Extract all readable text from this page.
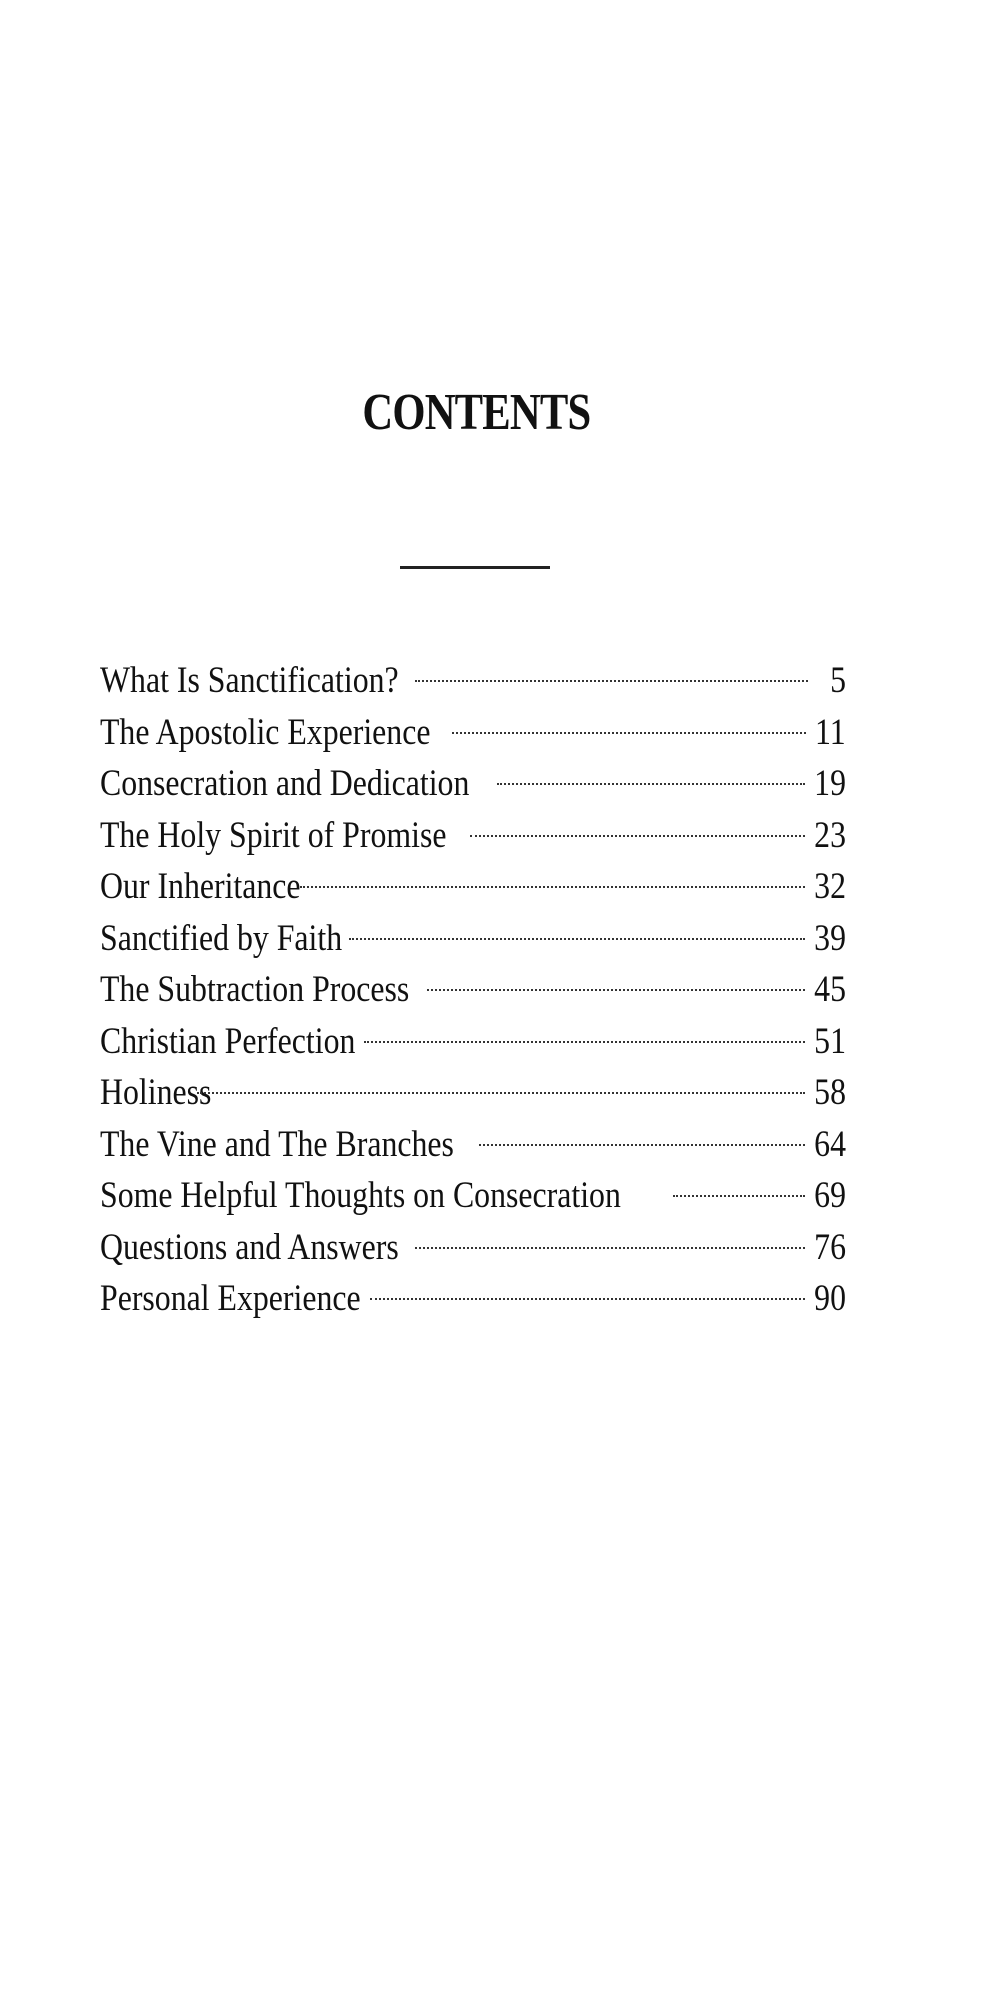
CONTENTS
What Is Sanctification?	5
The Apostolic Experience	11
Consecration and Dedication	19
The Holy Spirit of Promise	23
Our Inheritance	32
Sanctified by Faith	39
The Subtraction Process	45
Christian Perfection	51
Holiness	58
The Vine and The Branches	64
Some Helpful Thoughts on Consecration	69
Questions and Answers	76
Personal Experience	90
